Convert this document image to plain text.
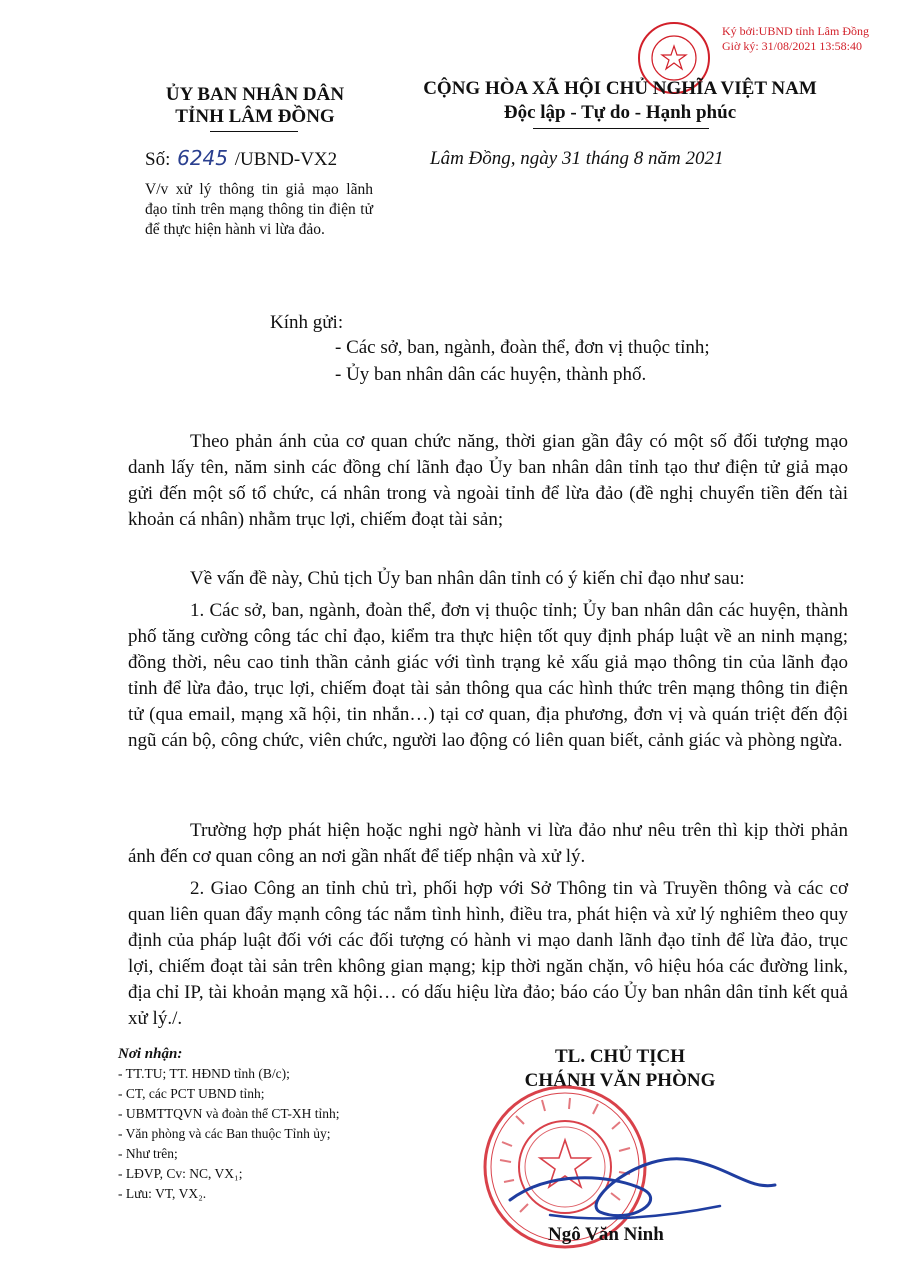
Ký bởi:UBND tỉnh Lâm Đồng
Giờ ký: 31/08/2021 13:58:40
ỦY BAN NHÂN DÂN
TỈNH LÂM ĐỒNG
CỘNG HÒA XÃ HỘI CHỦ NGHĨA VIỆT NAM
Độc lập - Tự do - Hạnh phúc
Số: 6245 /UBND-VX2	Lâm Đồng, ngày 31 tháng 8 năm 2021
V/v xử lý thông tin giả mạo lãnh đạo tỉnh trên mạng thông tin điện tử để thực hiện hành vi lừa đảo.
Kính gửi:
- Các sở, ban, ngành, đoàn thể, đơn vị thuộc tỉnh;
- Ủy ban nhân dân các huyện, thành phố.
Theo phản ánh của cơ quan chức năng, thời gian gần đây có một số đối tượng mạo danh lấy tên, năm sinh các đồng chí lãnh đạo Ủy ban nhân dân tỉnh tạo thư điện tử giả mạo gửi đến một số tổ chức, cá nhân trong và ngoài tỉnh để lừa đảo (đề nghị chuyển tiền đến tài khoản cá nhân) nhằm trục lợi, chiếm đoạt tài sản;
Về vấn đề này, Chủ tịch Ủy ban nhân dân tỉnh có ý kiến chỉ đạo như sau:
1. Các sở, ban, ngành, đoàn thể, đơn vị thuộc tỉnh; Ủy ban nhân dân các huyện, thành phố tăng cường công tác chỉ đạo, kiểm tra thực hiện tốt quy định pháp luật về an ninh mạng; đồng thời, nêu cao tinh thần cảnh giác với tình trạng kẻ xấu giả mạo thông tin của lãnh đạo tỉnh để lừa đảo, trục lợi, chiếm đoạt tài sản thông qua các hình thức trên mạng thông tin điện tử (qua email, mạng xã hội, tin nhắn…) tại cơ quan, địa phương, đơn vị và quán triệt đến đội ngũ cán bộ, công chức, viên chức, người lao động có liên quan biết, cảnh giác và phòng ngừa.
Trường hợp phát hiện hoặc nghi ngờ hành vi lừa đảo như nêu trên thì kịp thời phản ánh đến cơ quan công an nơi gần nhất để tiếp nhận và xử lý.
2. Giao Công an tỉnh chủ trì, phối hợp với Sở Thông tin và Truyền thông và các cơ quan liên quan đẩy mạnh công tác nắm tình hình, điều tra, phát hiện và xử lý nghiêm theo quy định của pháp luật đối với các đối tượng có hành vi mạo danh lãnh đạo tỉnh để lừa đảo, trục lợi, chiếm đoạt tài sản trên không gian mạng; kịp thời ngăn chặn, vô hiệu hóa các đường link, địa chỉ IP, tài khoản mạng xã hội… có dấu hiệu lừa đảo; báo cáo Ủy ban nhân dân tỉnh kết quả xử lý./.
Nơi nhận:
- TT.TU; TT. HĐND tỉnh (B/c);
- CT, các PCT UBND tỉnh;
- UBMTTQVN và đoàn thể CT-XH tỉnh;
- Văn phòng và các Ban thuộc Tỉnh ủy;
- Như trên;
- LĐVP, Cv: NC, VX₁;
- Lưu: VT, VX₂.
TL. CHỦ TỊCH
CHÁNH VĂN PHÒNG
Ngô Văn Ninh
